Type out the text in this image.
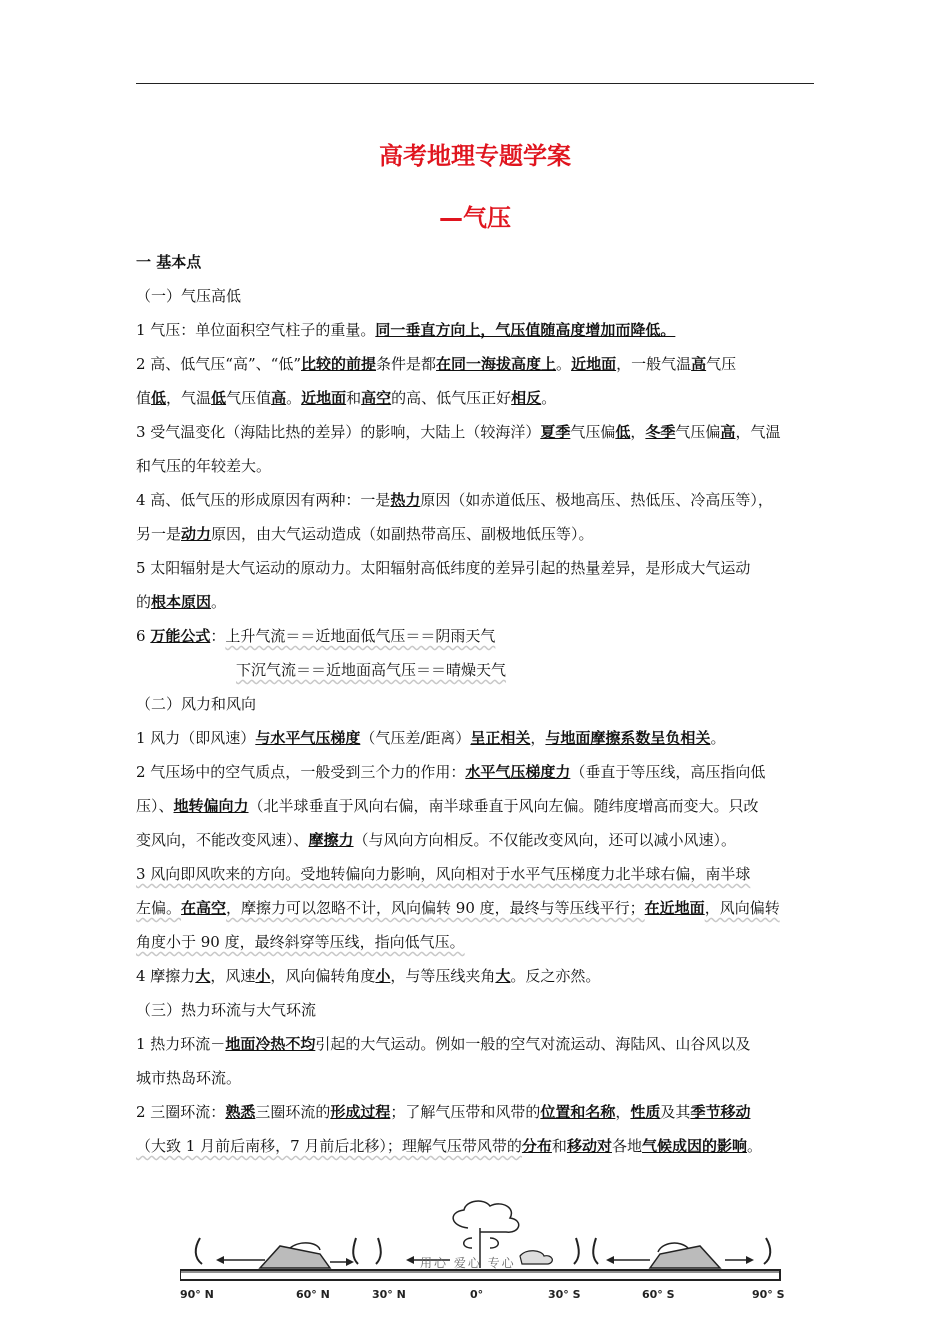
高考地理专题学案
—气压
一 基本点
（一）气压高低
1 气压：单位面积空气柱子的重量。同一垂直方向上，气压值随高度增加而降低。
2 高、低气压“高”、“低”比较的前提条件是都在同一海拔高度上。近地面，一般气温高气压
值低，气温低气压值高。近地面和高空的高、低气压正好相反。
3 受气温变化（海陆比热的差异）的影响，大陆上（较海洋）夏季气压偏低，冬季气压偏高，气温
和气压的年较差大。
4 高、低气压的形成原因有两种：一是热力原因（如赤道低压、极地高压、热低压、冷高压等），
另一是动力原因，由大气运动造成（如副热带高压、副极地低压等）。
5 太阳辐射是大气运动的原动力。太阳辐射高低纬度的差异引起的热量差异，是形成大气运动
的根本原因。
6 万能公式：上升气流＝＝近地面低气压＝＝阴雨天气
下沉气流＝＝近地面高气压＝＝晴燥天气
（二）风力和风向
1 风力（即风速）与水平气压梯度（气压差/距离）呈正相关，与地面摩擦系数呈负相关。
2 气压场中的空气质点，一般受到三个力的作用：水平气压梯度力（垂直于等压线，高压指向低
压）、地转偏向力（北半球垂直于风向右偏，南半球垂直于风向左偏。随纬度增高而变大。只改
变风向，不能改变风速）、摩擦力（与风向方向相反。不仅能改变风向，还可以减小风速）。
3 风向即风吹来的方向。受地转偏向力影响，风向相对于水平气压梯度力北半球右偏，南半球
左偏。在高空，摩擦力可以忽略不计，风向偏转 90 度，最终与等压线平行；在近地面，风向偏转
角度小于 90 度，最终斜穿等压线，指向低气压。
4 摩擦力大，风速小，风向偏转角度小，与等压线夹角大。反之亦然。
（三）热力环流与大气环流
1 热力环流－地面冷热不均引起的大气运动。例如一般的空气对流运动、海陆风、山谷风以及
城市热岛环流。
2 三圈环流：熟悉三圈环流的形成过程；了解气压带和风带的位置和名称，性质及其季节移动
（大致 1 月前后南移，7 月前后北移）；理解气压带风带的分布和移动对各地气候成因的影响。
用心 爱心 专心
90° N	60° N	30° N	0°	30° S	60° S	90° S
